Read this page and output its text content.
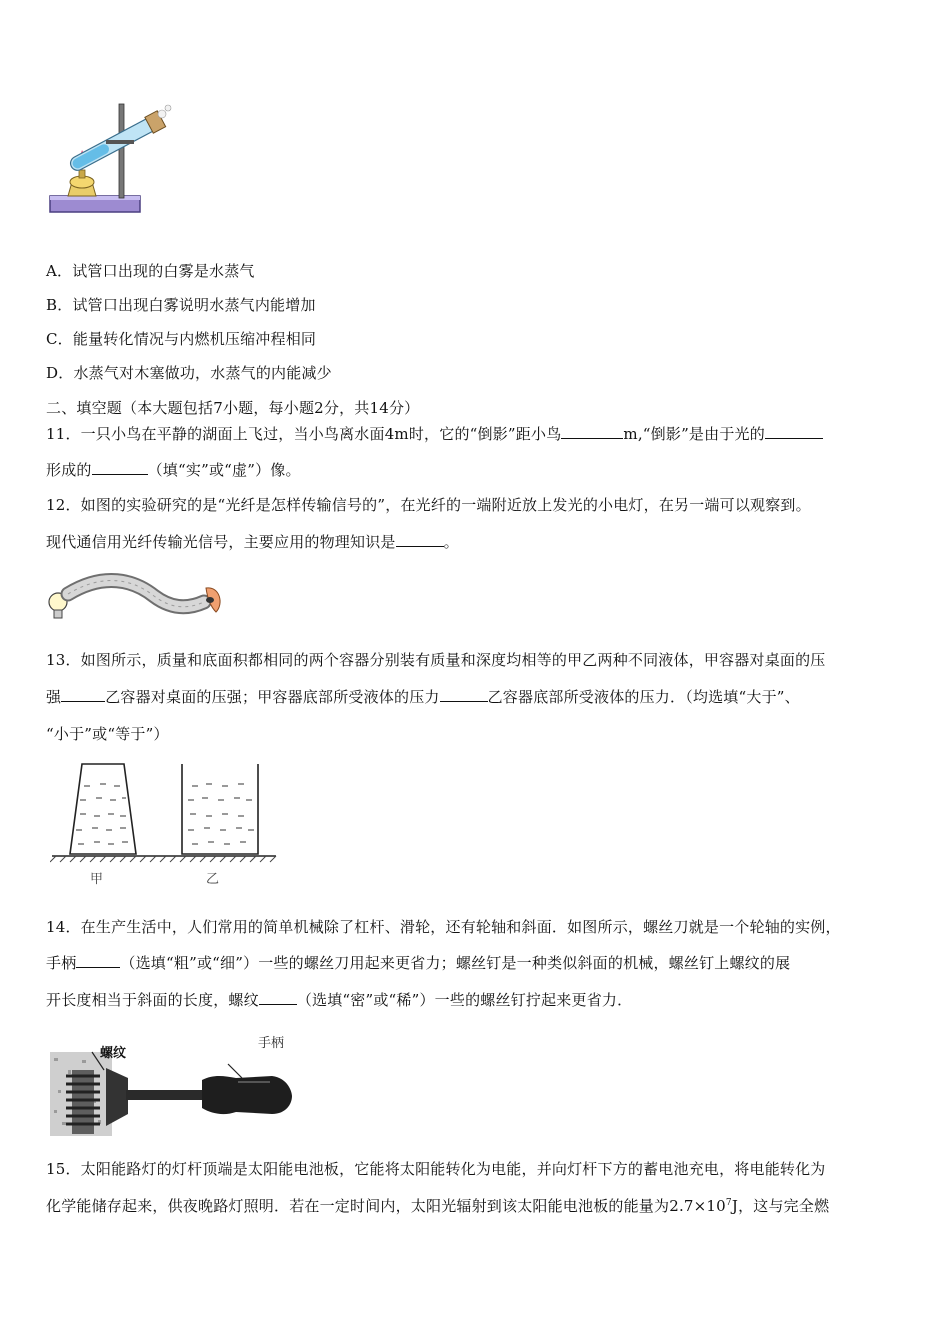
A．试管口出现的白雾是水蒸气
B．试管口出现白雾说明水蒸气内能增加
C．能量转化情况与内燃机压缩冲程相同
D．水蒸气对木塞做功，水蒸气的内能减少
二、填空题（本大题包括7小题，每小题2分，共14分）
11．一只小鸟在平静的湖面上飞过，当小鸟离水面4m时，它的“倒影”距小鸟	m,“倒影”是由于光的
形成的	（填“实”或“虚”）像。
12．如图的实验研究的是“光纤是怎样传输信号的”，在光纤的一端附近放上发光的小电灯，在另一端可以观察到。
现代通信用光纤传输光信号，主要应用的物理知识是	。
13．如图所示，质量和底面积都相同的两个容器分别装有质量和深度均相等的甲乙两种不同液体，甲容器对桌面的压
强	乙容器对桌面的压强；甲容器底部所受液体的压力	乙容器底部所受液体的压力．（均选填“大于”、
“小于”或“等于”）
甲	乙
14．在生产生活中，人们常用的简单机械除了杠杆、滑轮，还有轮轴和斜面．如图所示，螺丝刀就是一个轮轴的实例，
手柄	（选填“粗”或“细”）一些的螺丝刀用起来更省力；螺丝钉是一种类似斜面的机械，螺丝钉上螺纹的展
开长度相当于斜面的长度，螺纹	（选填“密”或“稀”）一些的螺丝钉拧起来更省力．
手柄
螺纹
15．太阳能路灯的灯杆顶端是太阳能电池板，它能将太阳能转化为电能，并向灯杆下方的蓄电池充电，将电能转化为
化学能储存起来，供夜晚路灯照明．若在一定时间内，太阳光辐射到该太阳能电池板的能量为$2.7\times 10^7J$，这与完全燃
